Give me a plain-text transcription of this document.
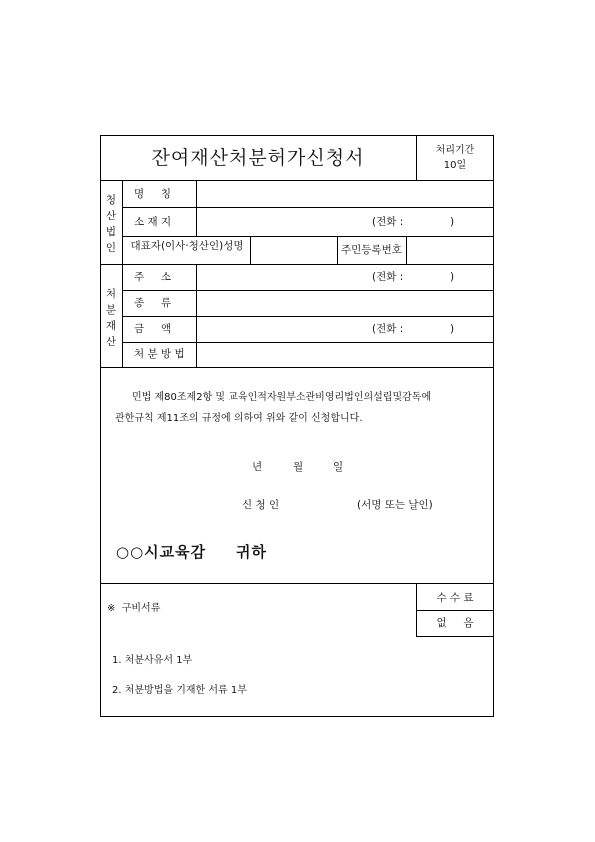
잔여재산처분허가신청서	처리기간
10일
청산법인
처분재산
명     칭
소 재 지	(전화 :              )
대표자(이사·청산인)성명	주민등록번호
주     소	(전화 :              )
종     류
금     액	(전화 :              )
처 분 방 법
민법 제80조제2항 및 교육인적자원부소관비영리법인의설립및감독에
관한규칙 제11조의 규정에 의하여 위와 같이 신청합니다.
년	월	일
신 청 인	(서명 또는 날인)
○○시교육감 귀하
수 수 료
없     음
※  구비서류
1. 처분사유서 1부
2. 처분방법을 기재한 서류 1부
